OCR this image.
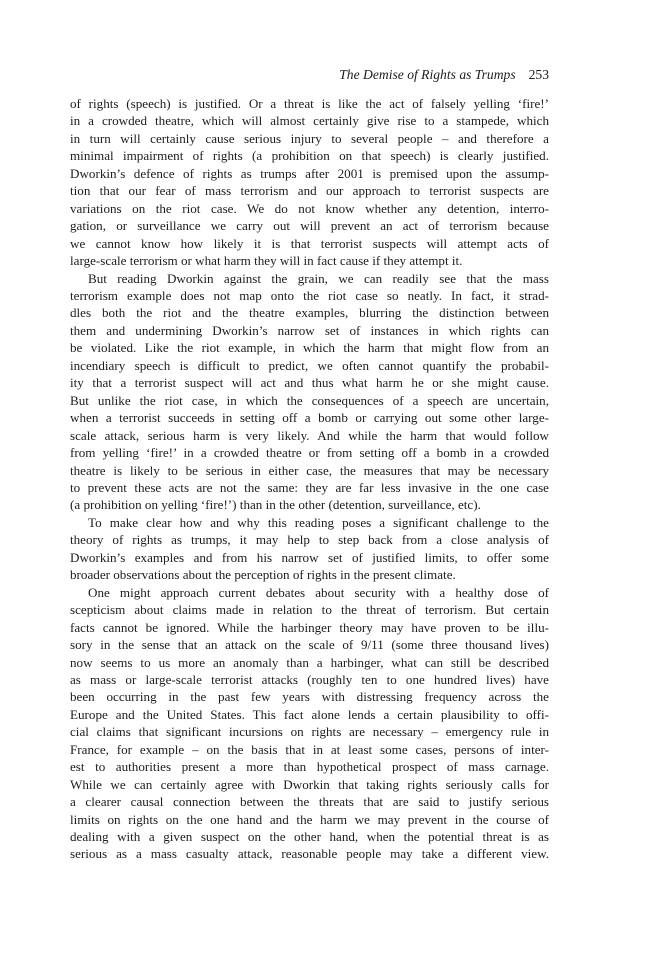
The Demise of Rights as Trumps 253

of rights (speech) is justified. Or a threat is like the act of falsely yelling ‘fire!’

in a crowded theatre, which will almost certainly give rise to a stampede, which

in turn will certainly cause serious injury to several people – and therefore a

minimal impairment of rights (a prohibition on that speech) is clearly justified.

Dworkin’s defence of rights as trumps after 2001 is premised upon the assump-

tion that our fear of mass terrorism and our approach to terrorist suspects are

variations on the riot case. We do not know whether any detention, interro-

gation, or surveillance we carry out will prevent an act of terrorism because

we cannot know how likely it is that terrorist suspects will attempt acts of

large-scale terrorism or what harm they will in fact cause if they attempt it.

But reading Dworkin against the grain, we can readily see that the mass

terrorism example does not map onto the riot case so neatly. In fact, it strad-

dles both the riot and the theatre examples, blurring the distinction between

them and undermining Dworkin’s narrow set of instances in which rights can

be violated. Like the riot example, in which the harm that might flow from an

incendiary speech is difficult to predict, we often cannot quantify the probabil-

ity that a terrorist suspect will act and thus what harm he or she might cause.

But unlike the riot case, in which the consequences of a speech are uncertain,

when a terrorist succeeds in setting off a bomb or carrying out some other large-

scale attack, serious harm is very likely. And while the harm that would follow

from yelling ‘fire!’ in a crowded theatre or from setting off a bomb in a crowded

theatre is likely to be serious in either case, the measures that may be necessary

to prevent these acts are not the same: they are far less invasive in the one case

(a prohibition on yelling ‘fire!’) than in the other (detention, surveillance, etc).

To make clear how and why this reading poses a significant challenge to the

theory of rights as trumps, it may help to step back from a close analysis of

Dworkin’s examples and from his narrow set of justified limits, to offer some

broader observations about the perception of rights in the present climate.

One might approach current debates about security with a healthy dose of

scepticism about claims made in relation to the threat of terrorism. But certain

facts cannot be ignored. While the harbinger theory may have proven to be illu-

sory in the sense that an attack on the scale of 9/11 (some three thousand lives)

now seems to us more an anomaly than a harbinger, what can still be described

as mass or large-scale terrorist attacks (roughly ten to one hundred lives) have

been occurring in the past few years with distressing frequency across the

Europe and the United States. This fact alone lends a certain plausibility to offi-

cial claims that significant incursions on rights are necessary – emergency rule in

France, for example – on the basis that in at least some cases, persons of inter-

est to authorities present a more than hypothetical prospect of mass carnage.

While we can certainly agree with Dworkin that taking rights seriously calls for

a clearer causal connection between the threats that are said to justify serious

limits on rights on the one hand and the harm we may prevent in the course of

dealing with a given suspect on the other hand, when the potential threat is as

serious as a mass casualty attack, reasonable people may take a different view.
